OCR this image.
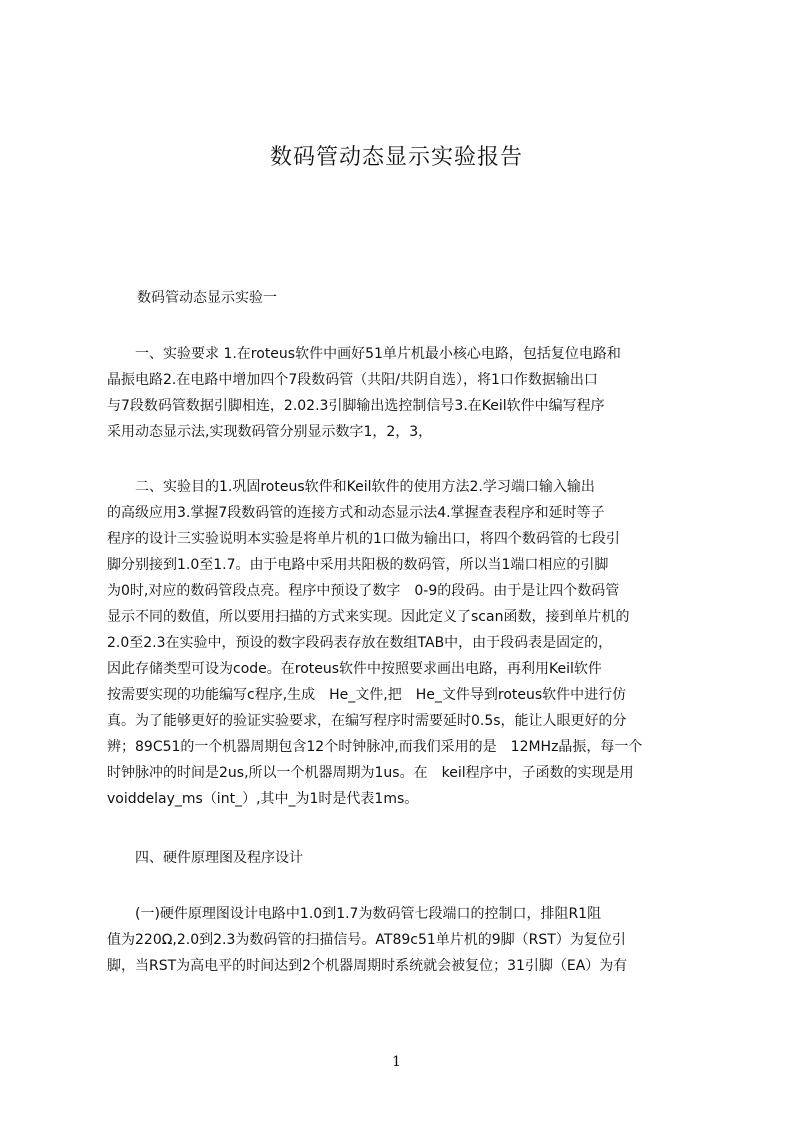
数码管动态显示实验报告
数码管动态显示实验一
　　一、实验要求 1.在roteus软件中画好51单片机最小核心电路，包括复位电路和
晶振电路2.在电路中增加四个7段数码管（共阳/共阴自选），将1口作数据输出口
与7段数码管数据引脚相连，2.02.3引脚输出选控制信号3.在Keil软件中编写程序
采用动态显示法,实现数码管分别显示数字1，2，3，
　　二、实验目的1.巩固roteus软件和Keil软件的使用方法2.学习端口输入输出
的高级应用3.掌握7段数码管的连接方式和动态显示法4.掌握查表程序和延时等子
程序的设计三实验说明本实验是将单片机的1口做为输出口，将四个数码管的七段引
脚分别接到1.0至1.7。由于电路中采用共阳极的数码管，所以当1端口相应的引脚
为0时,对应的数码管段点亮。程序中预设了数字　0-9的段码。由于是让四个数码管
显示不同的数值，所以要用扫描的方式来实现。因此定义了scan函数，接到单片机的
2.0至2.3在实验中，预设的数字段码表存放在数组TAB中，由于段码表是固定的，
因此存储类型可设为code。在roteus软件中按照要求画出电路，再利用Keil软件
按需要实现的功能编写c程序,生成　He_文件,把　He_文件导到roteus软件中进行仿
真。为了能够更好的验证实验要求，在编写程序时需要延时0.5s，能让人眼更好的分
辨；89C51的一个机器周期包含12个时钟脉冲,而我们采用的是　12MHz晶振，每一个
时钟脉冲的时间是2us,所以一个机器周期为1us。在　keil程序中，子函数的实现是用
voiddelay_ms（int_）,其中_为1时是代表1ms。
　　四、硬件原理图及程序设计
　　(一)硬件原理图设计电路中1.0到1.7为数码管七段端口的控制口，排阻R1阻
值为220Ω,2.0到2.3为数码管的扫描信号。AT89c51单片机的9脚（RST）为复位引
脚，当RST为高电平的时间达到2个机器周期时系统就会被复位；31引脚（EA）为有
1
